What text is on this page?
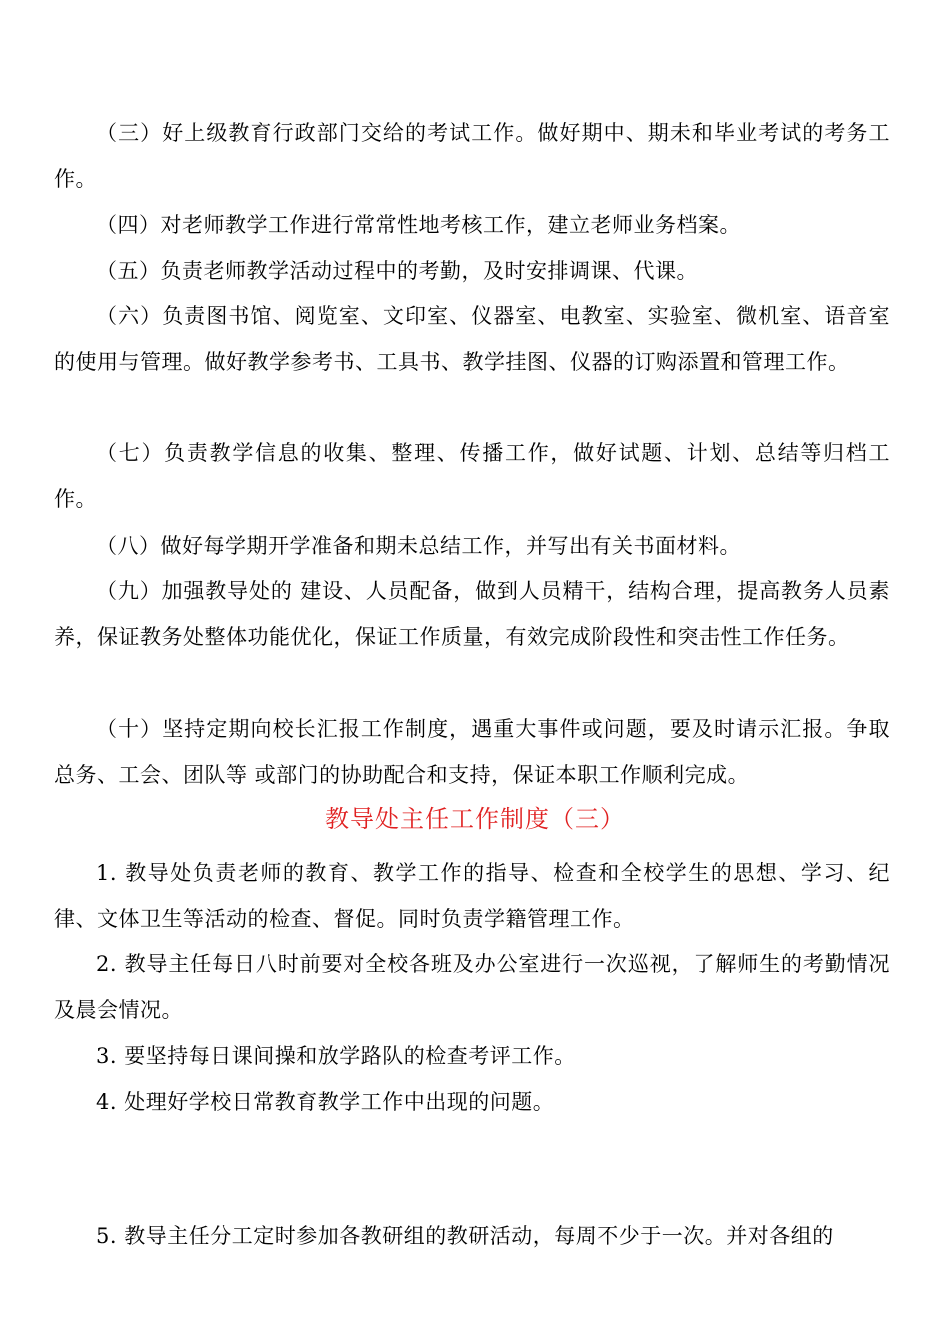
（三）好上级教育行政部门交给的考试工作。做好期中、期未和毕业考试的考务工作。

（四）对老师教学工作进行常常性地考核工作，建立老师业务档案。

（五）负责老师教学活动过程中的考勤，及时安排调课、代课。

（六）负责图书馆、阅览室、文印室、仪器室、电教室、实验室、微机室、语音室的使用与管理。做好教学参考书、工具书、教学挂图、仪器的订购添置和管理工作。

（七）负责教学信息的收集、整理、传播工作，做好试题、计划、总结等归档工作。

（八）做好每学期开学准备和期未总结工作，并写出有关书面材料。

（九）加强教导处的 建设、人员配备，做到人员精干，结构合理，提高教务人员素养，保证教务处整体功能优化，保证工作质量，有效完成阶段性和突击性工作任务。

（十）坚持定期向校长汇报工作制度，遇重大事件或问题，要及时请示汇报。争取总务、工会、团队等 或部门的协助配合和支持，保证本职工作顺利完成。

教导处主任工作制度（三）

1. 教导处负责老师的教育、教学工作的指导、检查和全校学生的思想、学习、纪律、文体卫生等活动的检查、督促。同时负责学籍管理工作。

2. 教导主任每日八时前要对全校各班及办公室进行一次巡视，了解师生的考勤情况及晨会情况。

3. 要坚持每日课间操和放学路队的检查考评工作。

4. 处理好学校日常教育教学工作中出现的问题。

5. 教导主任分工定时参加各教研组的教研活动，每周不少于一次。并对各组的
